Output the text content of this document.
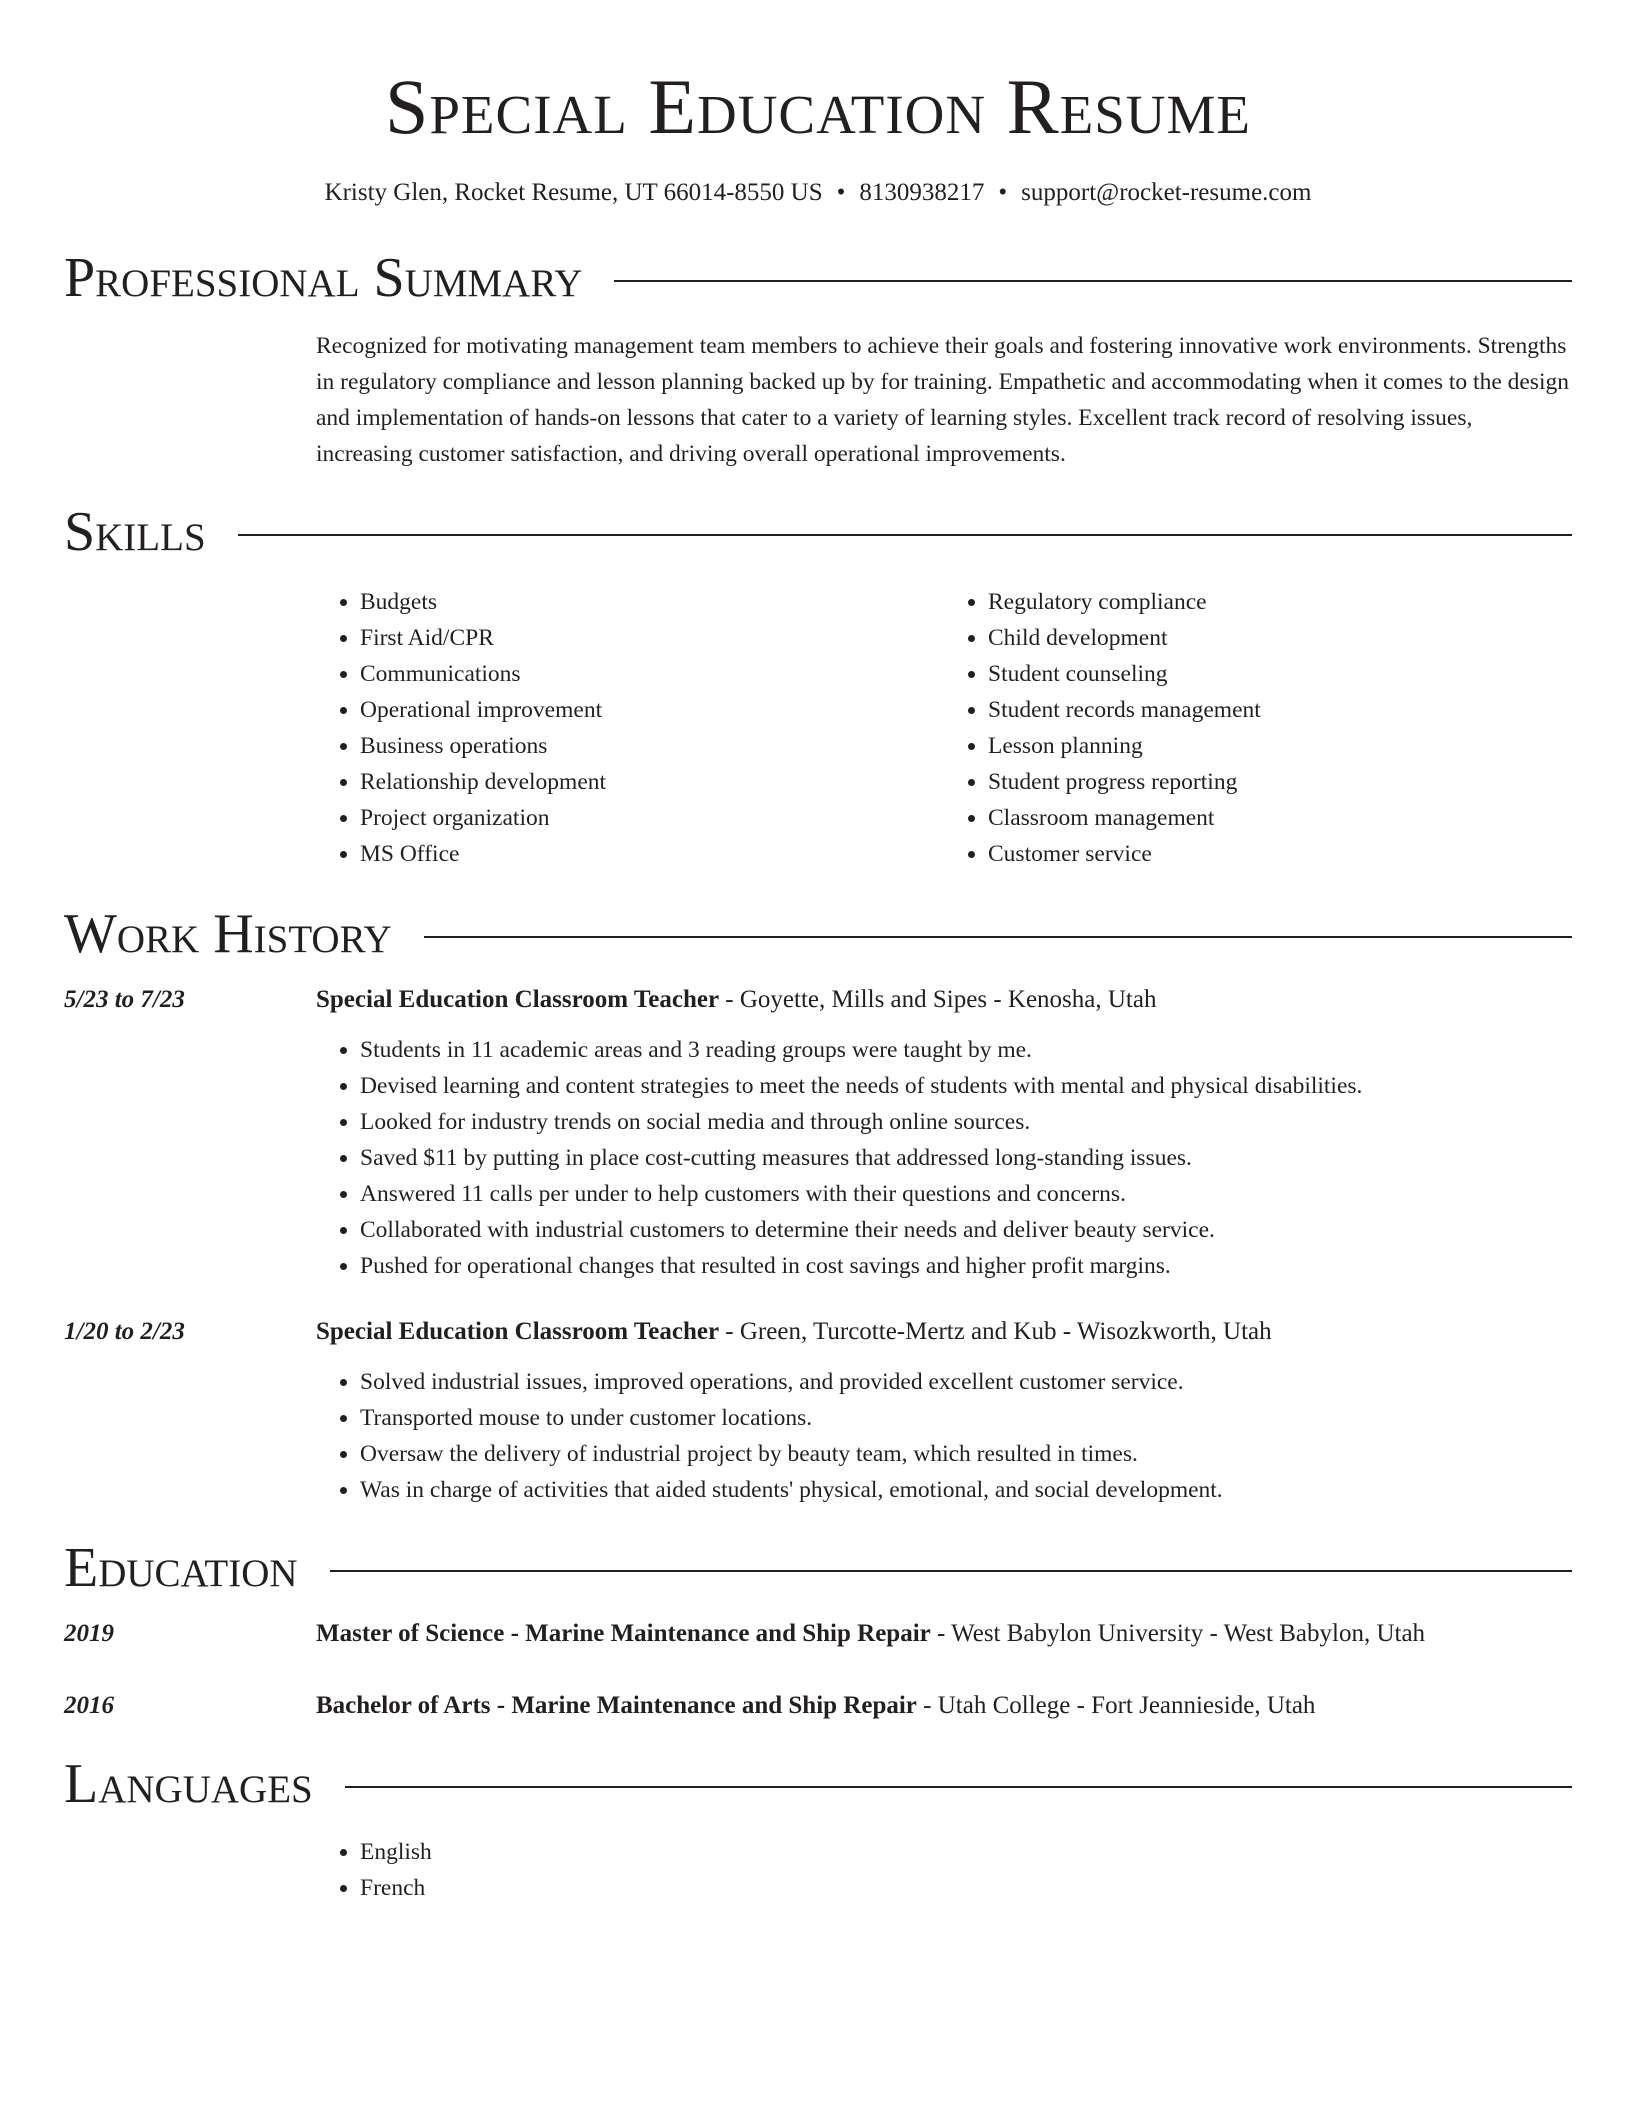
Special Education Resume
Kristy Glen, Rocket Resume, UT 66014-8550 US • 8130938217 • support@rocket-resume.com
Professional Summary
Recognized for motivating management team members to achieve their goals and fostering innovative work environments. Strengths in regulatory compliance and lesson planning backed up by for training. Empathetic and accommodating when it comes to the design and implementation of hands-on lessons that cater to a variety of learning styles. Excellent track record of resolving issues, increasing customer satisfaction, and driving overall operational improvements.
Skills
• Budgets
• First Aid/CPR
• Communications
• Operational improvement
• Business operations
• Relationship development
• Project organization
• MS Office
• Regulatory compliance
• Child development
• Student counseling
• Student records management
• Lesson planning
• Student progress reporting
• Classroom management
• Customer service
Work History
5/23 to 7/23	Special Education Classroom Teacher - Goyette, Mills and Sipes - Kenosha, Utah
• Students in 11 academic areas and 3 reading groups were taught by me.
• Devised learning and content strategies to meet the needs of students with mental and physical disabilities.
• Looked for industry trends on social media and through online sources.
• Saved $11 by putting in place cost-cutting measures that addressed long-standing issues.
• Answered 11 calls per under to help customers with their questions and concerns.
• Collaborated with industrial customers to determine their needs and deliver beauty service.
• Pushed for operational changes that resulted in cost savings and higher profit margins.
1/20 to 2/23	Special Education Classroom Teacher - Green, Turcotte-Mertz and Kub - Wisozkworth, Utah
• Solved industrial issues, improved operations, and provided excellent customer service.
• Transported mouse to under customer locations.
• Oversaw the delivery of industrial project by beauty team, which resulted in times.
• Was in charge of activities that aided students' physical, emotional, and social development.
Education
2019	Master of Science - Marine Maintenance and Ship Repair - West Babylon University - West Babylon, Utah
2016	Bachelor of Arts - Marine Maintenance and Ship Repair - Utah College - Fort Jeannieside, Utah
Languages
• English
• French
